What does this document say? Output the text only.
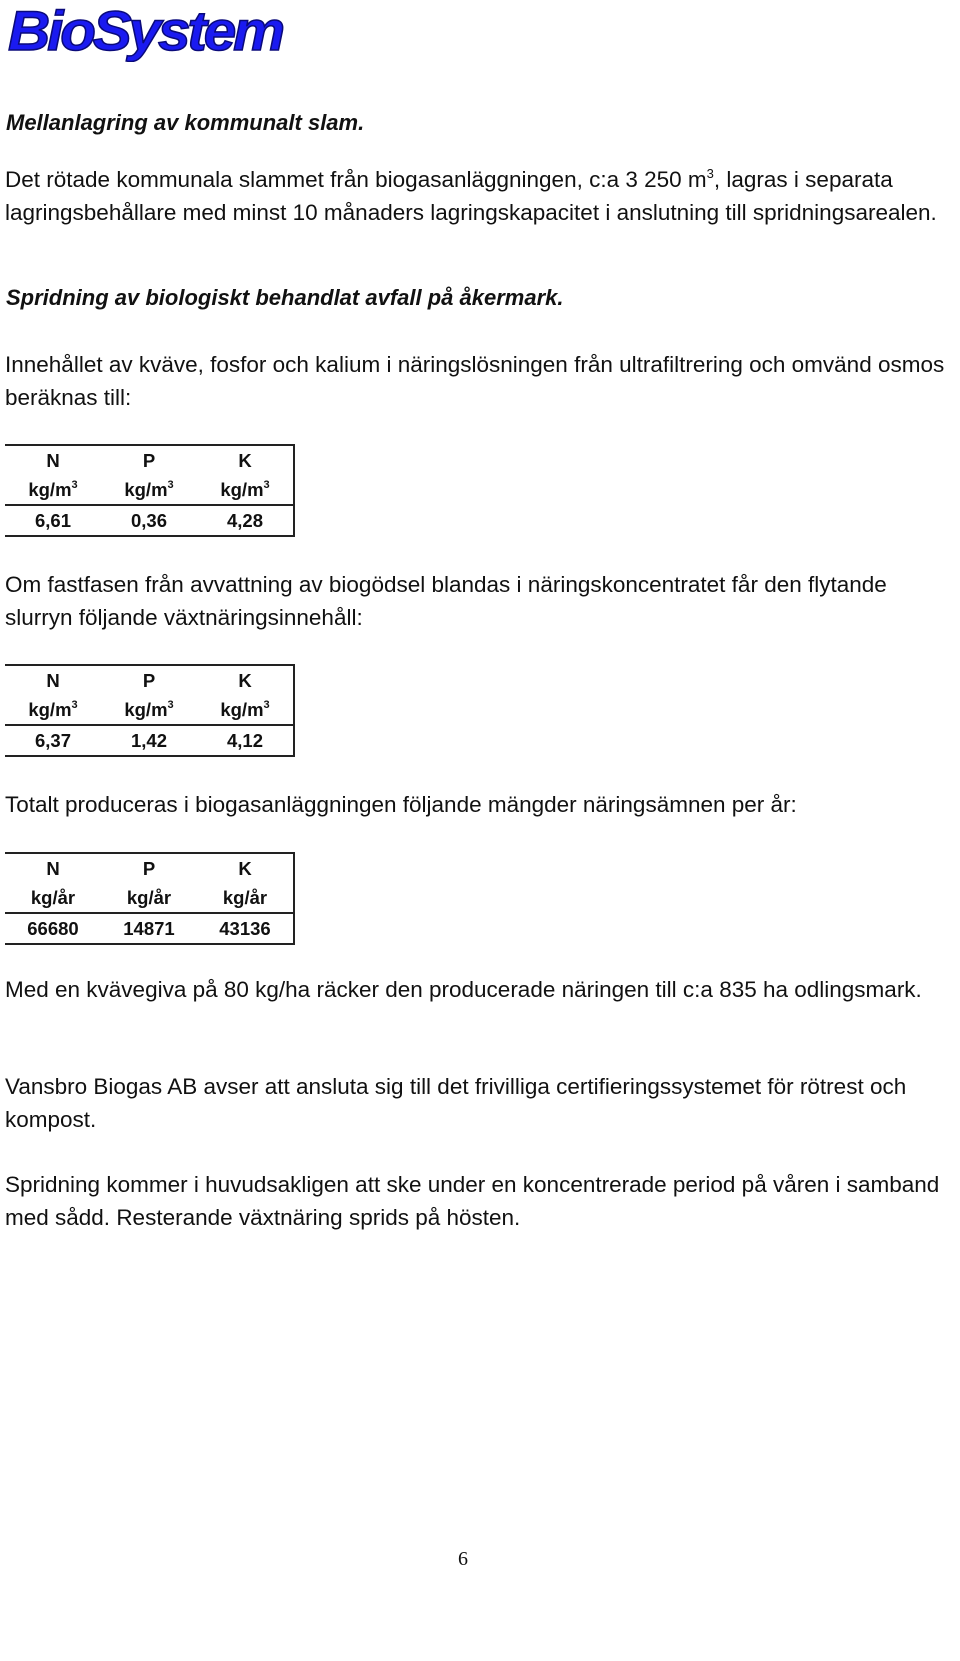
BioSystem
Mellanlagring av kommunalt slam.

Det rötade kommunala slammet från biogasanläggningen, c:a 3 250 $m^3$, lagras i separata lagringsbehållare med minst 10 månaders lagringskapacitet i anslutning till spridningsarealen.

Spridning av biologiskt behandlat avfall på åkermark.

Innehållet av kväve, fosfor och kalium i näringslösningen från ultrafiltrering och omvänd osmos beräknas till:

N	P	K
$kg/m^3$	$kg/m^3$	$kg/m^3$
6,61	0,36	4,28

Om fastfasen från avvattning av biogödsel blandas i näringskoncentratet får den flytande slurryn följande växtnäringsinnehåll:

N	P	K
$kg/m^3$	$kg/m^3$	$kg/m^3$
6,37	1,42	4,12

Totalt produceras i biogasanläggningen följande mängder näringsämnen per år:

N	P	K
kg/år	kg/år	kg/år
66680	14871	43136

Med en kvävegiva på 80 kg/ha räcker den producerade näringen till c:a 835 ha odlingsmark.

Vansbro Biogas AB avser att ansluta sig till det frivilliga certifieringssystemet för rötrest och kompost.

Spridning kommer i huvudsakligen att ske under en koncentrerade period på våren i samband med sådd. Resterande växtnäring sprids på hösten.

6
